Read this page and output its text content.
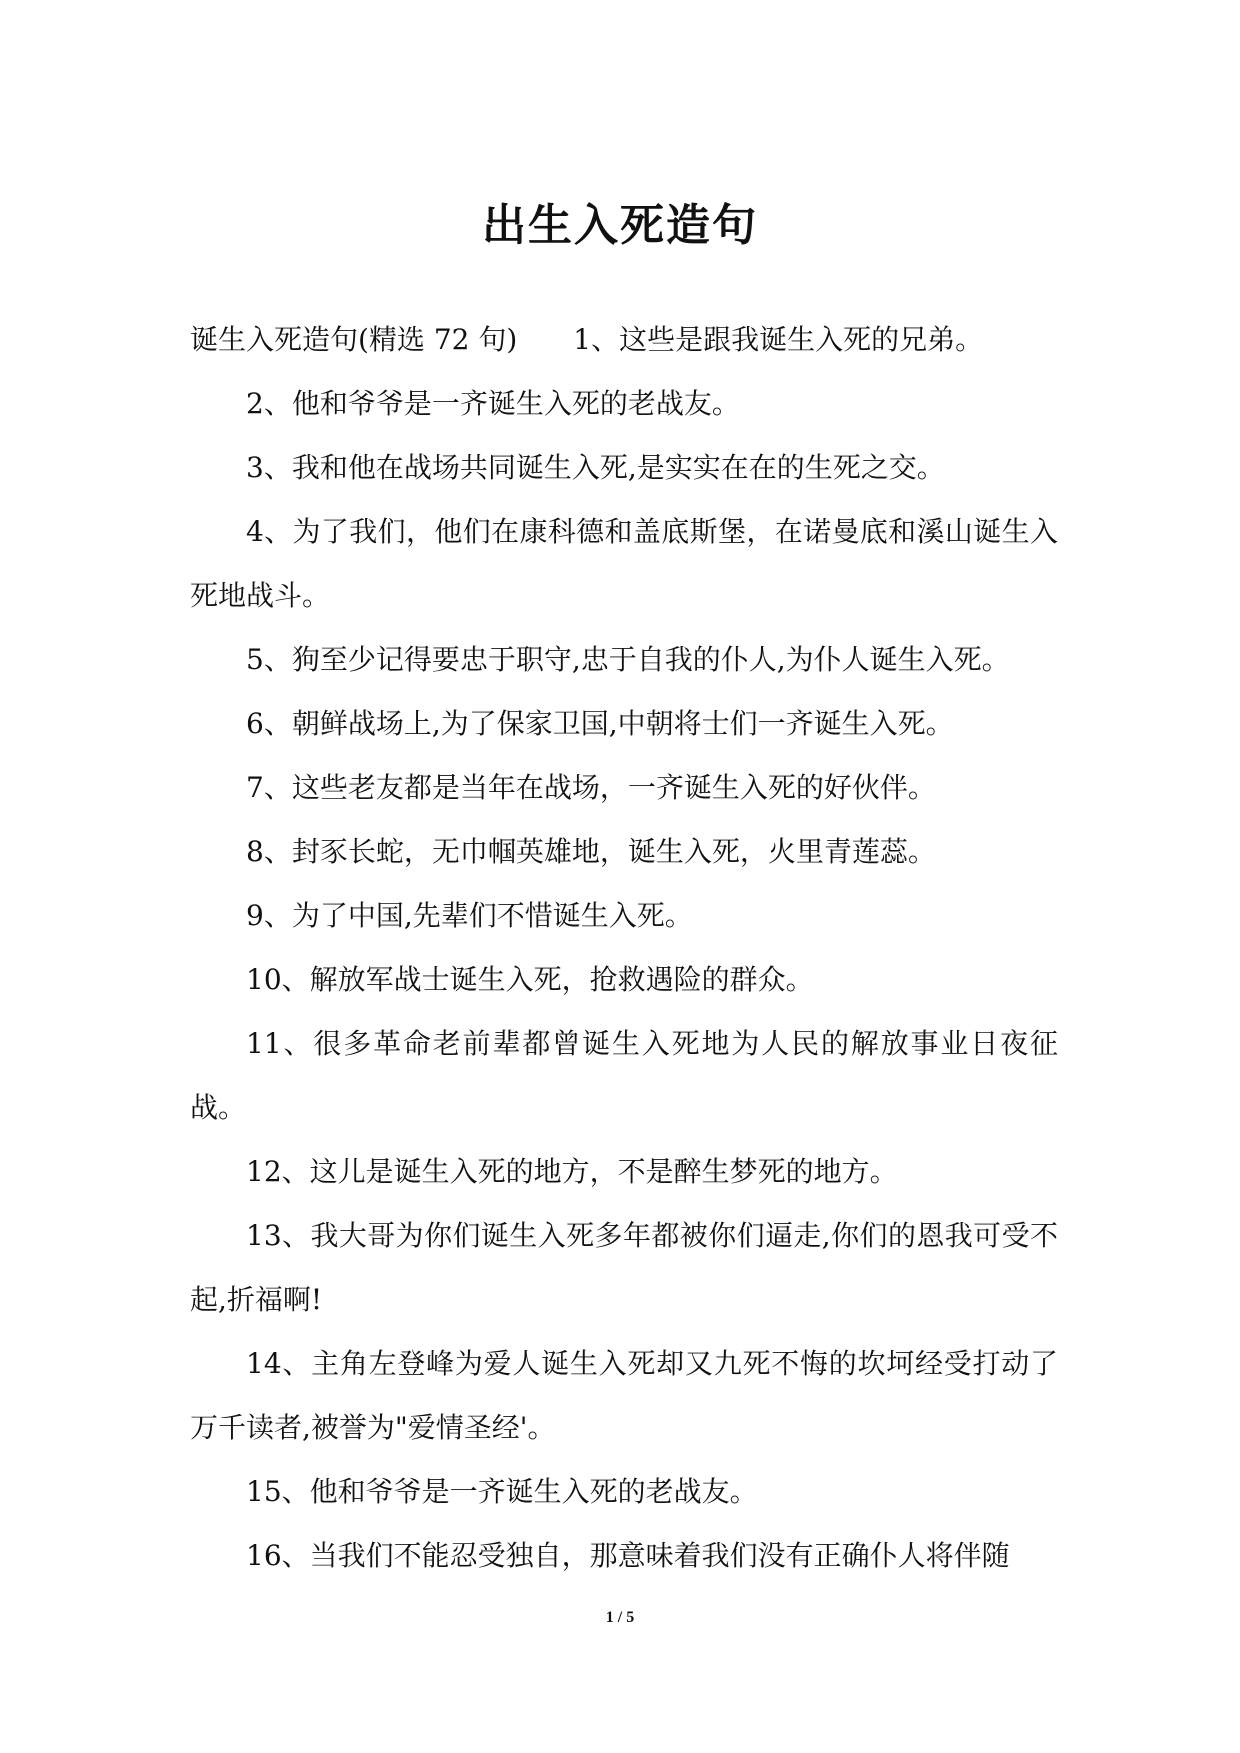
出生入死造句

诞生入死造句(精选 72 句) 1、这些是跟我诞生入死的兄弟。

2、他和爷爷是一齐诞生入死的老战友。

3、我和他在战场共同诞生入死,是实实在在的生死之交。

4、为了我们，他们在康科德和盖底斯堡，在诺曼底和溪山诞生入死地战斗。

5、狗至少记得要忠于职守,忠于自我的仆人,为仆人诞生入死。

6、朝鲜战场上,为了保家卫国,中朝将士们一齐诞生入死。

7、这些老友都是当年在战场，一齐诞生入死的好伙伴。

8、封豕长蛇，无巾帼英雄地，诞生入死，火里青莲蕊。

9、为了中国,先辈们不惜诞生入死。

10、解放军战士诞生入死，抢救遇险的群众。

11、很多革命老前辈都曾诞生入死地为人民的解放事业日夜征战。

12、这儿是诞生入死的地方，不是醉生梦死的地方。

13、我大哥为你们诞生入死多年都被你们逼走,你们的恩我可受不起,折福啊!

14、主角左登峰为爱人诞生入死却又九死不悔的坎坷经受打动了万千读者,被誉为"爱情圣经'。

15、他和爷爷是一齐诞生入死的老战友。

16、当我们不能忍受独自，那意味着我们没有正确仆人将伴随

1 / 5
